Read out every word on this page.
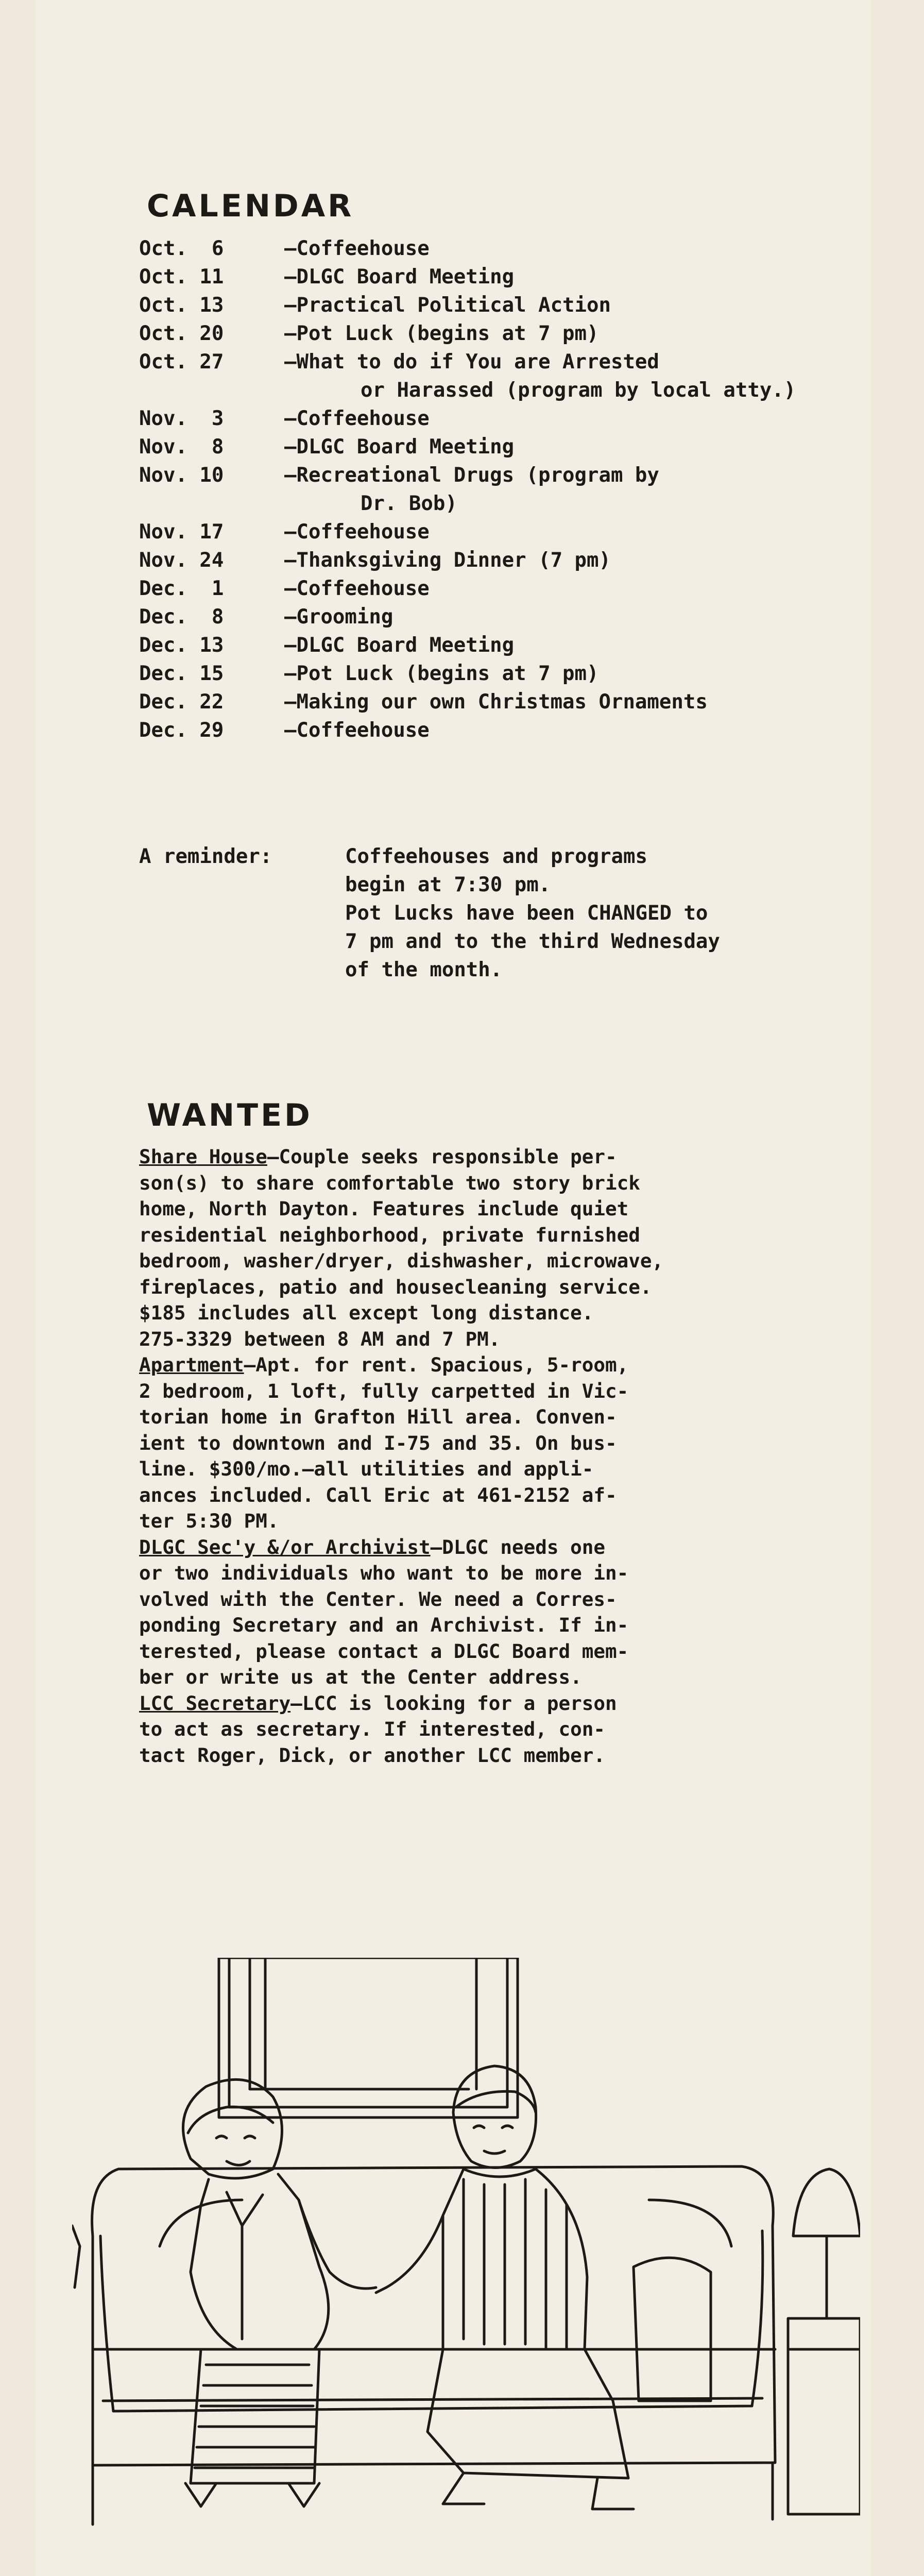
CALENDAR
Oct.  6	—Coffeehouse
Oct. 11	—DLGC Board Meeting
Oct. 13	—Practical Political Action
Oct. 20	—Pot Luck (begins at 7 pm)
Oct. 27	—What to do if You are Arrested
or Harassed (program by local atty.)
Nov.  3	—Coffeehouse
Nov.  8	—DLGC Board Meeting
Nov. 10	—Recreational Drugs (program by
Dr. Bob)
Nov. 17	—Coffeehouse
Nov. 24	—Thanksgiving Dinner (7 pm)
Dec.  1	—Coffeehouse
Dec.  8	—Grooming
Dec. 13	—DLGC Board Meeting
Dec. 15	—Pot Luck (begins at 7 pm)
Dec. 22	—Making our own Christmas Ornaments
Dec. 29	—Coffeehouse
A reminder:	Coffeehouses and programs

begin at 7:30 pm.

Pot Lucks have been CHANGED to

7 pm and to the third Wednesday

of the month.

WANTED

Share House—Couple seeks responsible per-

son(s) to share comfortable two story brick

home, North Dayton. Features include quiet

residential neighborhood, private furnished

bedroom, washer/dryer, dishwasher, microwave,

fireplaces, patio and housecleaning service.

$185 includes all except long distance.

275-3329 between 8 AM and 7 PM.

Apartment—Apt. for rent. Spacious, 5-room,

2 bedroom, 1 loft, fully carpetted in Vic-

torian home in Grafton Hill area. Conven-

ient to downtown and I-75 and 35. On bus-

line. $300/mo.—all utilities and appli-

ances included. Call Eric at 461-2152 af-

ter 5:30 PM.

DLGC Sec'y &/or Archivist—DLGC needs one

or two individuals who want to be more in-

volved with the Center. We need a Corres-

ponding Secretary and an Archivist. If in-

terested, please contact a DLGC Board mem-

ber or write us at the Center address.

LCC Secretary—LCC is looking for a person

to act as secretary. If interested, con-

tact Roger, Dick, or another LCC member.
